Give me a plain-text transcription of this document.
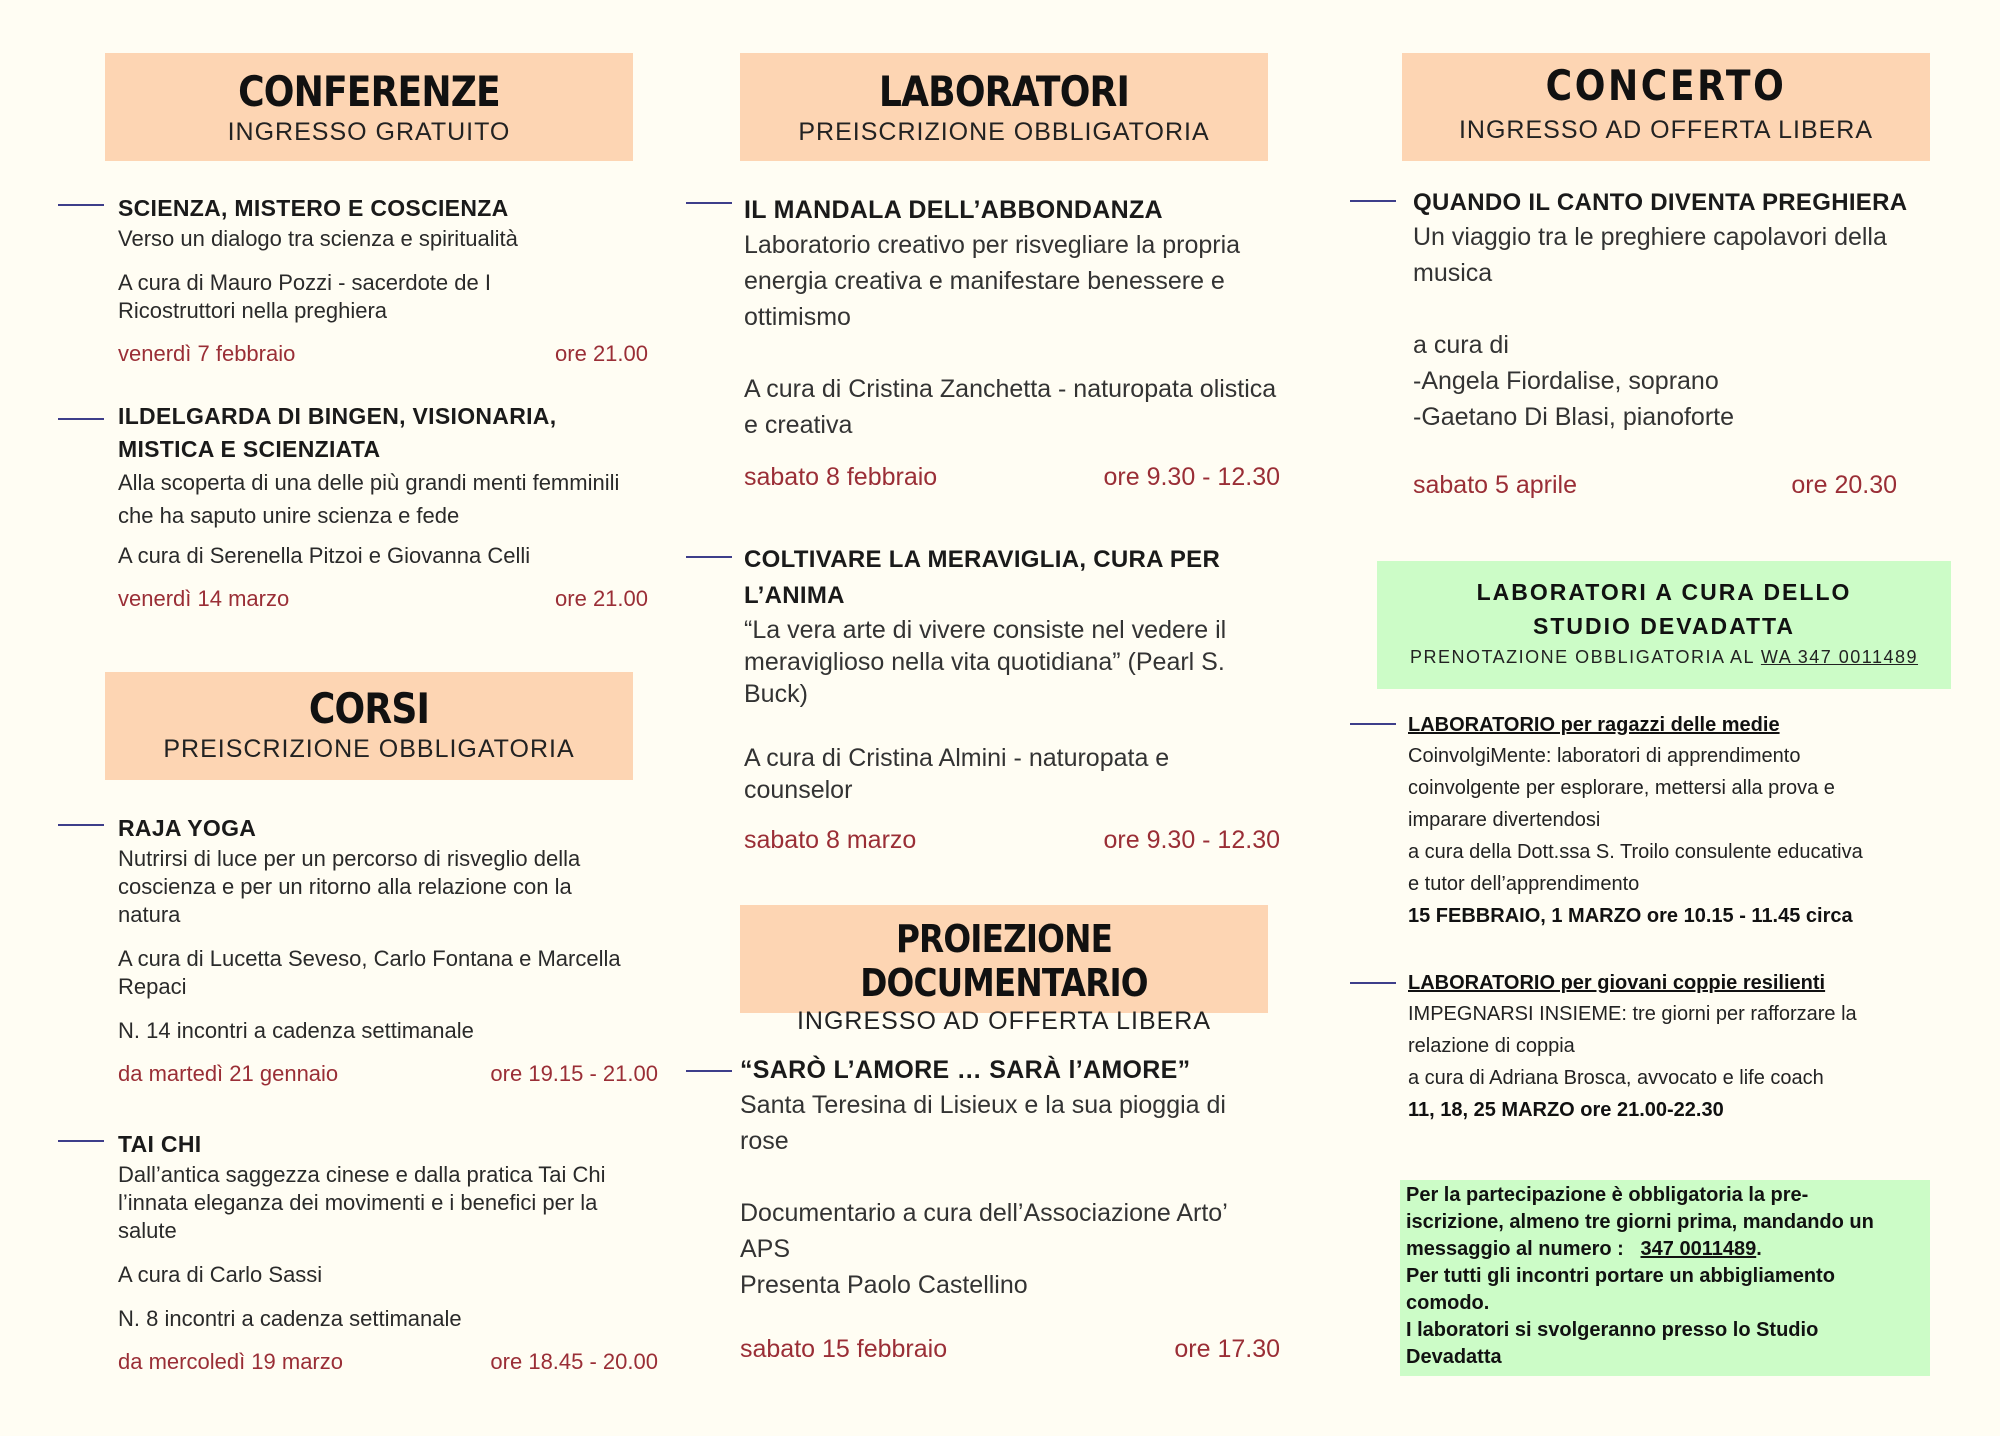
CONFERENZE
INGRESSO GRATUITO
SCIENZA, MISTERO E COSCIENZA
Verso un dialogo tra scienza e spiritualità
A cura di Mauro Pozzi - sacerdote de I Ricostruttori nella preghiera
venerdì 7 febbraio	ore 21.00
ILDELGARDA DI BINGEN, VISIONARIA, MISTICA E SCIENZIATA
Alla scoperta di una delle più grandi menti femminili che ha saputo unire scienza e fede
A cura di Serenella Pitzoi e Giovanna Celli
venerdì 14 marzo	ore 21.00
CORSI
PREISCRIZIONE OBBLIGATORIA
RAJA YOGA
Nutrirsi di luce per un percorso di risveglio della coscienza e per un ritorno alla relazione con la natura
A cura di Lucetta Seveso, Carlo Fontana e Marcella Repaci
N. 14 incontri a cadenza settimanale
da martedì 21 gennaio	ore 19.15 - 21.00
TAI CHI
Dall’antica saggezza cinese e dalla pratica Tai Chi l’innata eleganza dei movimenti e i benefici per la salute
A cura di Carlo Sassi
N. 8 incontri a cadenza settimanale
da mercoledì 19 marzo	ore 18.45 - 20.00
LABORATORI
PREISCRIZIONE OBBLIGATORIA
IL MANDALA DELL’ABBONDANZA
Laboratorio creativo per risvegliare la propria energia creativa e manifestare benessere e ottimismo
A cura di Cristina Zanchetta - naturopata olistica e creativa
sabato 8 febbraio	ore 9.30 - 12.30
COLTIVARE LA MERAVIGLIA, CURA PER L’ANIMA
“La vera arte di vivere consiste nel vedere il meraviglioso nella vita quotidiana” (Pearl S. Buck)
A cura di Cristina Almini - naturopata e counselor
sabato 8 marzo	ore 9.30 - 12.30
PROIEZIONE DOCUMENTARIO
INGRESSO AD OFFERTA LIBERA
“SARÒ L’AMORE … SARÀ l’AMORE”
Santa Teresina di Lisieux e la sua pioggia di rose
Documentario a cura dell’Associazione Arto’ APS
Presenta Paolo Castellino
sabato 15 febbraio	ore 17.30
CONCERTO
INGRESSO AD OFFERTA LIBERA
QUANDO IL CANTO DIVENTA PREGHIERA
Un viaggio tra le preghiere capolavori della musica
a cura di
-Angela Fiordalise, soprano
-Gaetano Di Blasi, pianoforte
sabato 5 aprile	ore 20.30
LABORATORI A CURA DELLO
STUDIO DEVADATTA
PRENOTAZIONE OBBLIGATORIA AL WA 347 0011489
LABORATORIO per ragazzi delle medie
CoinvolgiMente: laboratori di apprendimento
coinvolgente per esplorare, mettersi alla prova e
imparare divertendosi
a cura della Dott.ssa S. Troilo consulente educativa
e tutor dell’apprendimento
15 FEBBRAIO, 1 MARZO ore 10.15 - 11.45 circa
LABORATORIO per giovani coppie resilienti
IMPEGNARSI INSIEME: tre giorni per rafforzare la
relazione di coppia
a cura di Adriana Brosca, avvocato e life coach
11, 18, 25 MARZO ore 21.00-22.30
Per la partecipazione è obbligatoria la pre-
iscrizione, almeno tre giorni prima, mandando un
messaggio al numero :   347 0011489.
Per tutti gli incontri portare un abbigliamento
comodo.
I laboratori si svolgeranno presso lo Studio
Devadatta
